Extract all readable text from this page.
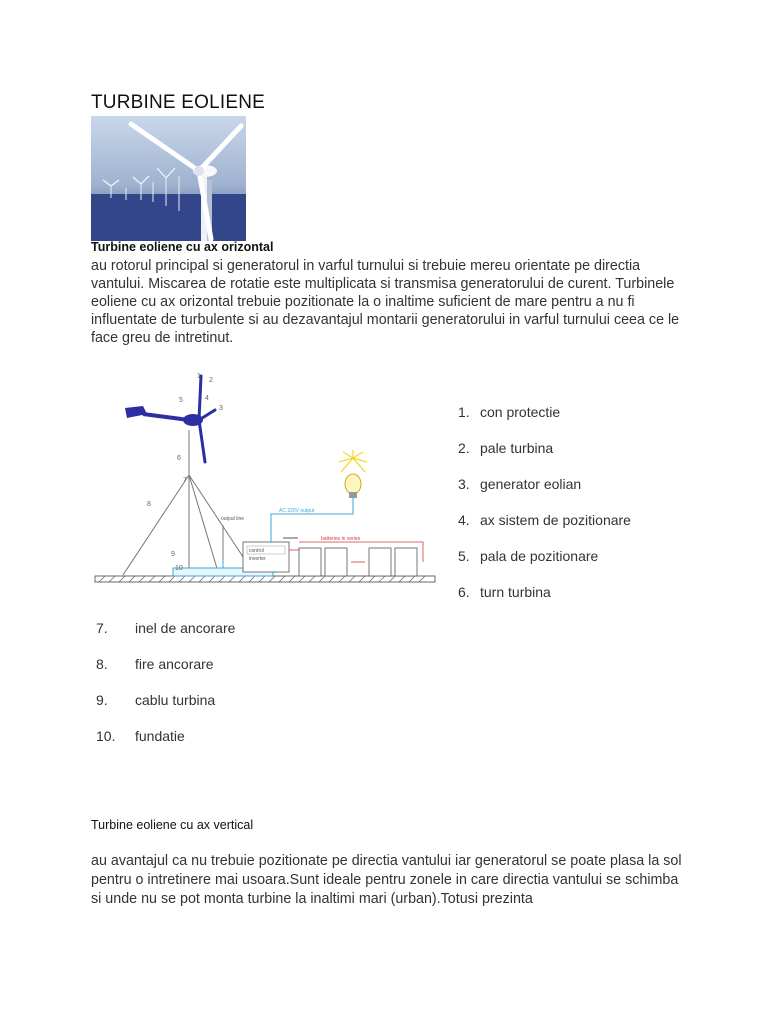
TURBINE EOLIENE
Turbine eoliene cu ax orizontal
au rotorul principal si generatorul in varful turnului si trebuie mereu orientate pe directia vantului. Miscarea de rotatie este multiplicata si transmisa generatorului de curent. Turbinele eoliene cu ax orizontal trebuie pozitionate la o inaltime suficient de mare pentru a nu fi influentate de turbulente si au dezavantajul montarii generatorului in varful turnului ceea ce le face greu de intretinut.
2
1
3
4
5
6
7
8
9
10
AC 220V output
batteries in series
control
inverter
output line
1. con protectie
2. pale turbina
3. generator eolian
4. ax sistem de pozitionare
5. pala de pozitionare
6. turn turbina
7.	inel de ancorare
8.	fire ancorare
9.	cablu turbina
10.	fundatie
Turbine eoliene cu ax vertical
au avantajul ca nu trebuie pozitionate pe directia vantului iar generatorul se poate plasa la sol pentru o intretinere mai usoara.Sunt ideale pentru zonele in care directia vantului se schimba si unde nu se pot monta turbine la inaltimi mari (urban).Totusi prezinta
